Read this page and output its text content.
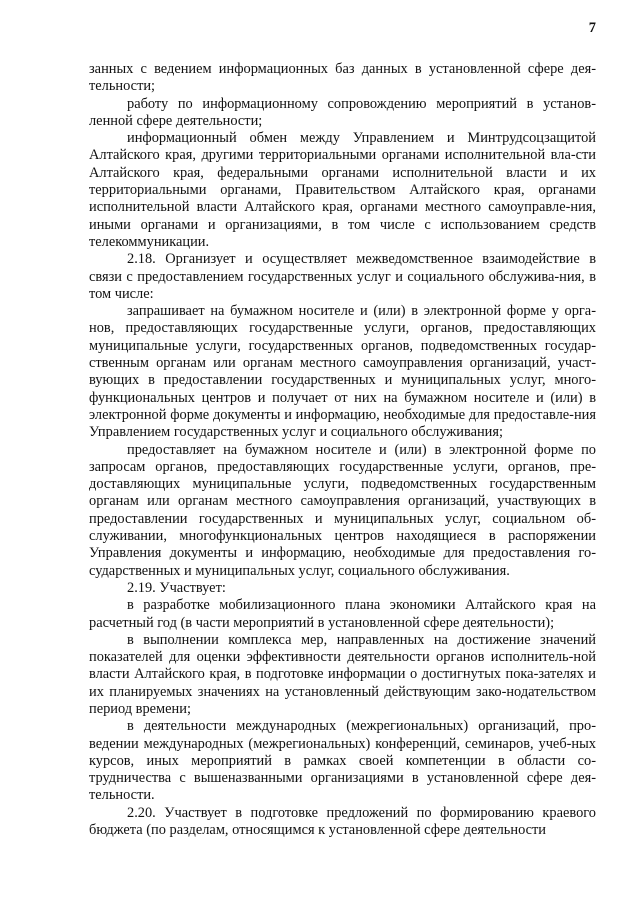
7

занных с ведением информационных баз данных в установленной сфере дея-тельности;

работу по информационному сопровождению мероприятий в установ-ленной сфере деятельности;

информационный обмен между Управлением и Минтрудсоцзащитой Алтайского края, другими территориальными органами исполнительной вла-сти Алтайского края, федеральными органами исполнительной власти и их территориальными органами, Правительством Алтайского края, органами исполнительной власти Алтайского края, органами местного самоуправле-ния, иными органами и организациями, в том числе с использованием средств телекоммуникации.

2.18. Организует и осуществляет межведомственное взаимодействие в связи с предоставлением государственных услуг и социального обслужива-ния, в том числе:

запрашивает на бумажном носителе и (или) в электронной форме у орга-нов, предоставляющих государственные услуги, органов, предоставляющих муниципальные услуги, государственных органов, подведомственных государ-ственным органам или органам местного самоуправления организаций, участ-вующих в предоставлении государственных и муниципальных услуг, много-функциональных центров и получает от них на бумажном носителе и (или) в электронной форме документы и информацию, необходимые для предоставле-ния Управлением государственных услуг и социального обслуживания;

предоставляет на бумажном носителе и (или) в электронной форме по запросам органов, предоставляющих государственные услуги, органов, пре-доставляющих муниципальные услуги, подведомственных государственным органам или органам местного самоуправления организаций, участвующих в предоставлении государственных и муниципальных услуг, социальном об-служивании, многофункциональных центров находящиеся в распоряжении Управления документы и информацию, необходимые для предоставления го-сударственных и муниципальных услуг, социального обслуживания.

2.19. Участвует:

в разработке мобилизационного плана экономики Алтайского края на расчетный год (в части мероприятий в установленной сфере деятельности);

в выполнении комплекса мер, направленных на достижение значений показателей для оценки эффективности деятельности органов исполнитель-ной власти Алтайского края, в подготовке информации о достигнутых пока-зателях и их планируемых значениях на установленный действующим зако-нодательством период времени;

в деятельности международных (межрегиональных) организаций, про-ведении международных (межрегиональных) конференций, семинаров, учеб-ных курсов, иных мероприятий в рамках своей компетенции в области со-трудничества с вышеназванными организациями в установленной сфере дея-тельности.

2.20. Участвует в подготовке предложений по формированию краевого бюджета (по разделам, относящимся к установленной сфере деятельности
